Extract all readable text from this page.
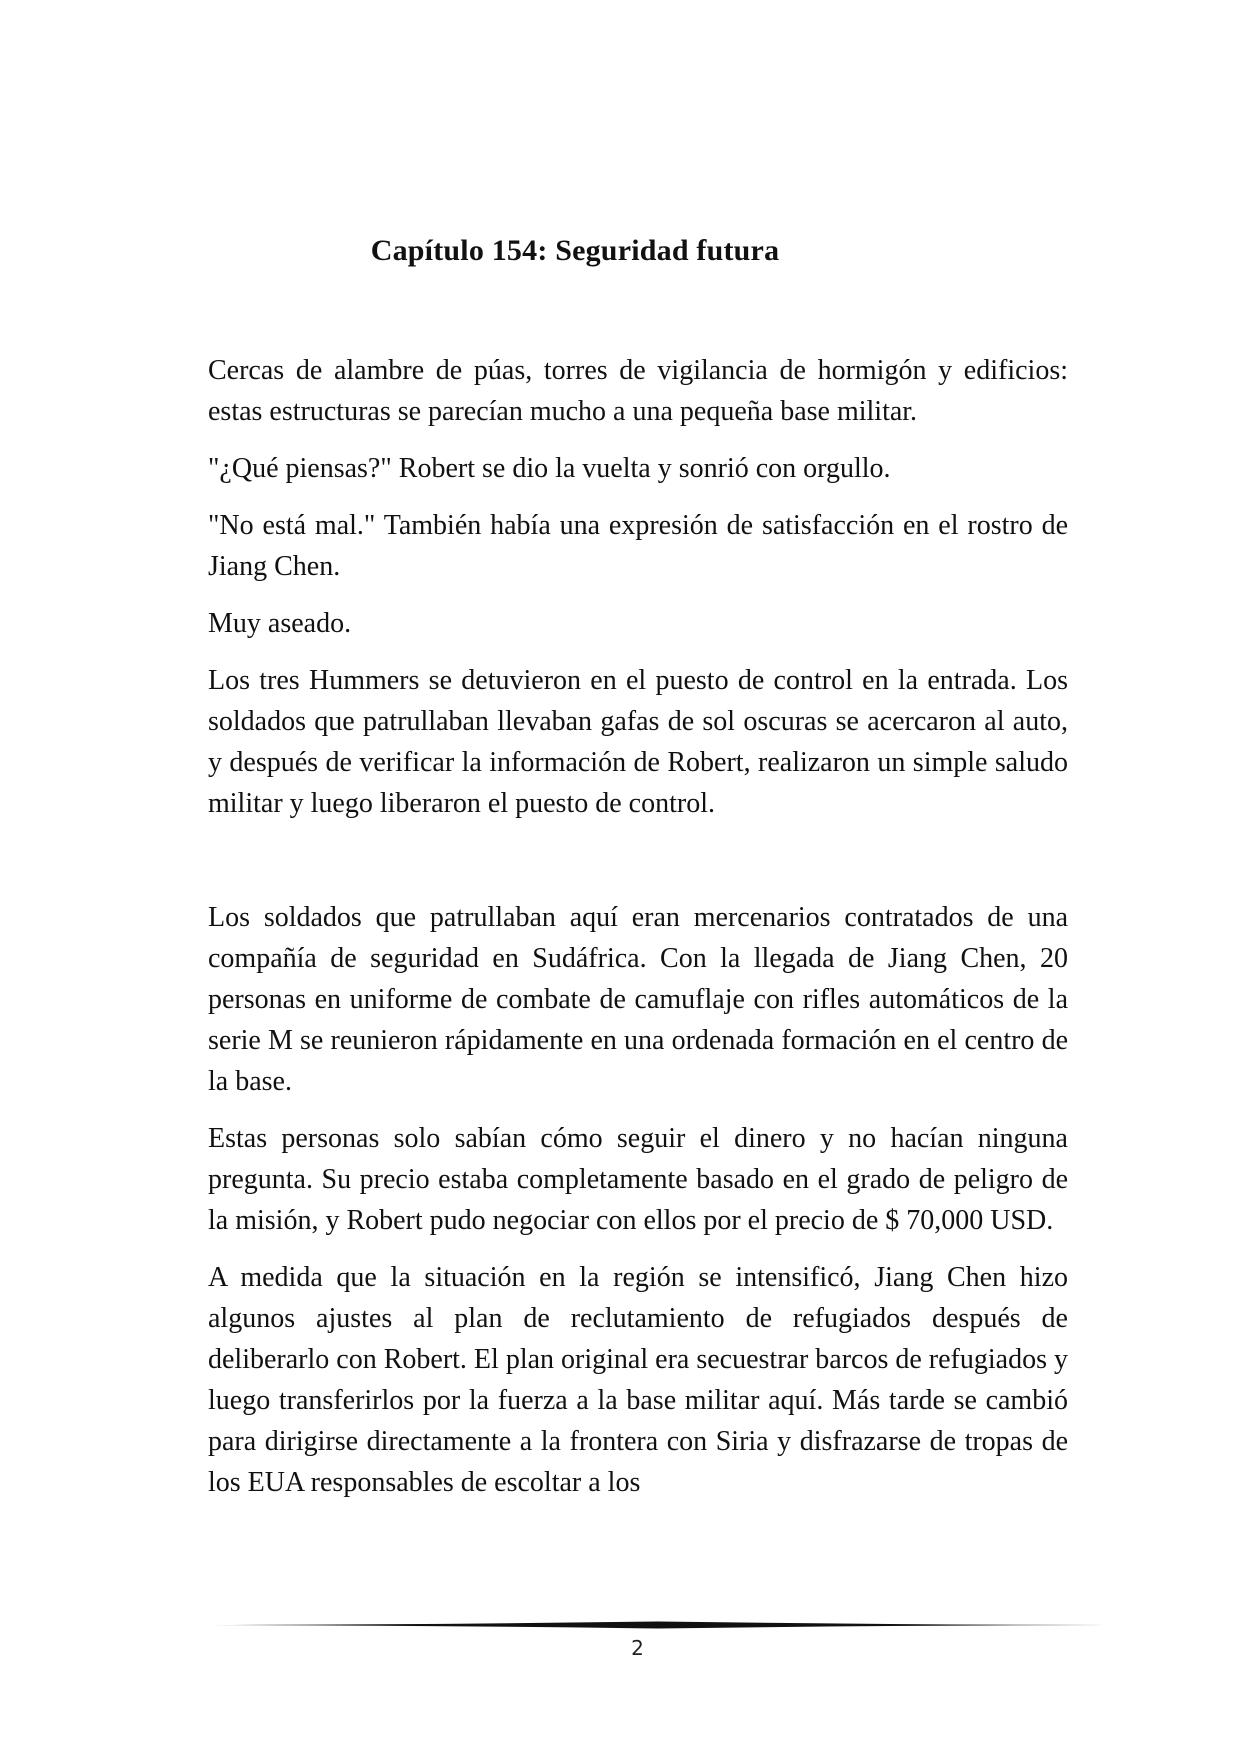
Capítulo 154: Seguridad futura

Cercas de alambre de púas, torres de vigilancia de hormigón y edificios: estas estructuras se parecían mucho a una pequeña base militar.

"¿Qué piensas?" Robert se dio la vuelta y sonrió con orgullo.

"No está mal." También había una expresión de satisfacción en el rostro de Jiang Chen.

Muy aseado.

Los tres Hummers se detuvieron en el puesto de control en la entrada. Los soldados que patrullaban llevaban gafas de sol oscuras se acercaron al auto, y después de verificar la información de Robert, realizaron un simple saludo militar y luego liberaron el puesto de control.

Los soldados que patrullaban aquí eran mercenarios contratados de una compañía de seguridad en Sudáfrica. Con la llegada de Jiang Chen, 20 personas en uniforme de combate de camuflaje con rifles automáticos de la serie M se reunieron rápidamente en una ordenada formación en el centro de la base.

Estas personas solo sabían cómo seguir el dinero y no hacían ninguna pregunta. Su precio estaba completamente basado en el grado de peligro de la misión, y Robert pudo negociar con ellos por el precio de $ 70,000 USD.

A medida que la situación en la región se intensificó, Jiang Chen hizo algunos ajustes al plan de reclutamiento de refugiados después de deliberarlo con Robert. El plan original era secuestrar barcos de refugiados y luego transferirlos por la fuerza a la base militar aquí. Más tarde se cambió para dirigirse directamente a la frontera con Siria y disfrazarse de tropas de los EUA responsables de escoltar a los

2
